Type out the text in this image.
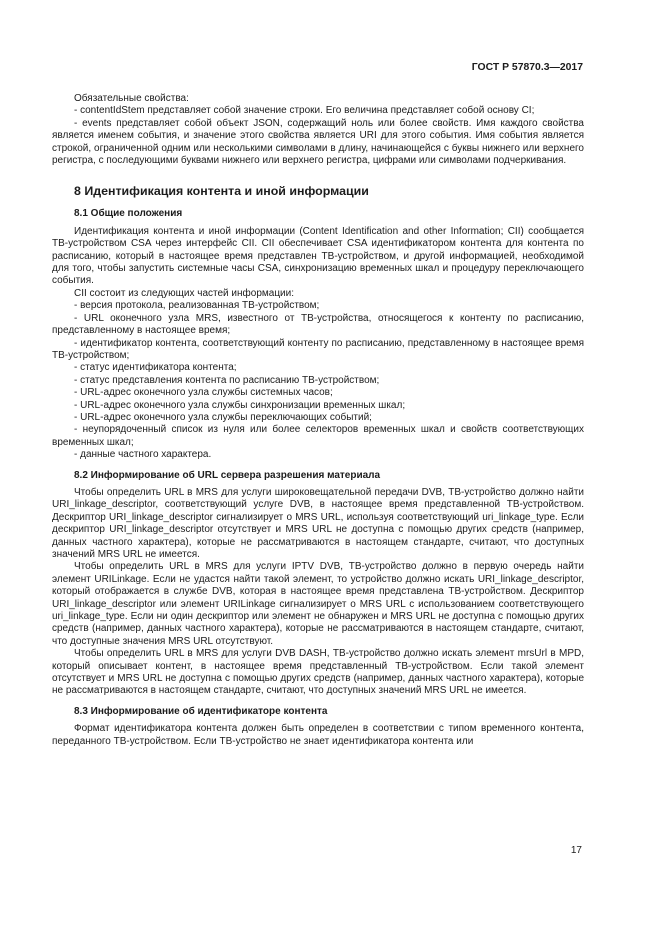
ГОСТ Р 57870.3—2017

Обязательные свойства:

- contentIdStem представляет собой значение строки. Его величина представляет собой основу CI;

- events представляет собой объект JSON, содержащий ноль или более свойств. Имя каждого свойства является именем события, и значение этого свойства является URI для этого события. Имя события является строкой, ограниченной одним или несколькими символами в длину, начинающейся с буквы нижнего или верхнего регистра, с последующими буквами нижнего или верхнего регистра, цифрами или символами подчеркивания.

8 Идентификация контента и иной информации
8.1 Общие положения

Идентификация контента и иной информации (Content Identification and other Information; CII) сообщается ТВ-устройством CSA через интерфейс CII. CII обеспечивает CSA идентификатором контента для контента по расписанию, который в настоящее время представлен ТВ-устройством, и другой информацией, необходимой для того, чтобы запустить системные часы CSA, синхронизацию временных шкал и процедуру переключающего события.

CII состоит из следующих частей информации:

- версия протокола, реализованная ТВ-устройством;

- URL оконечного узла MRS, известного от ТВ-устройства, относящегося к контенту по расписанию, представленному в настоящее время;

- идентификатор контента, соответствующий контенту по расписанию, представленному в настоящее время ТВ-устройством;

- статус идентификатора контента;

- статус представления контента по расписанию ТВ-устройством;

- URL-адрес оконечного узла службы системных часов;

- URL-адрес оконечного узла службы синхронизации временных шкал;

- URL-адрес оконечного узла службы переключающих событий;

- неупорядоченный список из нуля или более селекторов временных шкал и свойств соответствующих временных шкал;

- данные частного характера.

8.2 Информирование об URL сервера разрешения материала

Чтобы определить URL в MRS для услуги широковещательной передачи DVB, ТВ-устройство должно найти URI_linkage_descriptor, соответствующий услуге DVB, в настоящее время представленной ТВ-устройством. Дескриптор URI_linkage_descriptor сигнализирует о MRS URL, используя соответствующий uri_linkage_type. Если дескриптор URI_linkage_descriptor отсутствует и MRS URL не доступна с помощью других средств (например, данных частного характера), которые не рассматриваются в настоящем стандарте, считают, что доступных значений MRS URL не имеется.

Чтобы определить URL в MRS для услуги IPTV DVB, ТВ-устройство должно в первую очередь найти элемент URILinkage. Если не удастся найти такой элемент, то устройство должно искать URI_linkage_descriptor, который отображается в службе DVB, которая в настоящее время представлена ТВ-устройством. Дескриптор URI_linkage_descriptor или элемент URILinkage сигнализирует о MRS URL с использованием соответствующего uri_linkage_type. Если ни один дескриптор или элемент не обнаружен и MRS URL не доступна с помощью других средств (например, данных частного характера), которые не рассматриваются в настоящем стандарте, считают, что доступные значения MRS URL отсутствуют.

Чтобы определить URL в MRS для услуги DVB DASH, ТВ-устройство должно искать элемент mrsUrl в MPD, который описывает контент, в настоящее время представленный ТВ-устройством. Если такой элемент отсутствует и MRS URL не доступна с помощью других средств (например, данных частного характера), которые не рассматриваются в настоящем стандарте, считают, что доступных значений MRS URL не имеется.

8.3 Информирование об идентификаторе контента

Формат идентификатора контента должен быть определен в соответствии с типом временного контента, переданного ТВ-устройством. Если ТВ-устройство не знает идентификатора контента или

17
